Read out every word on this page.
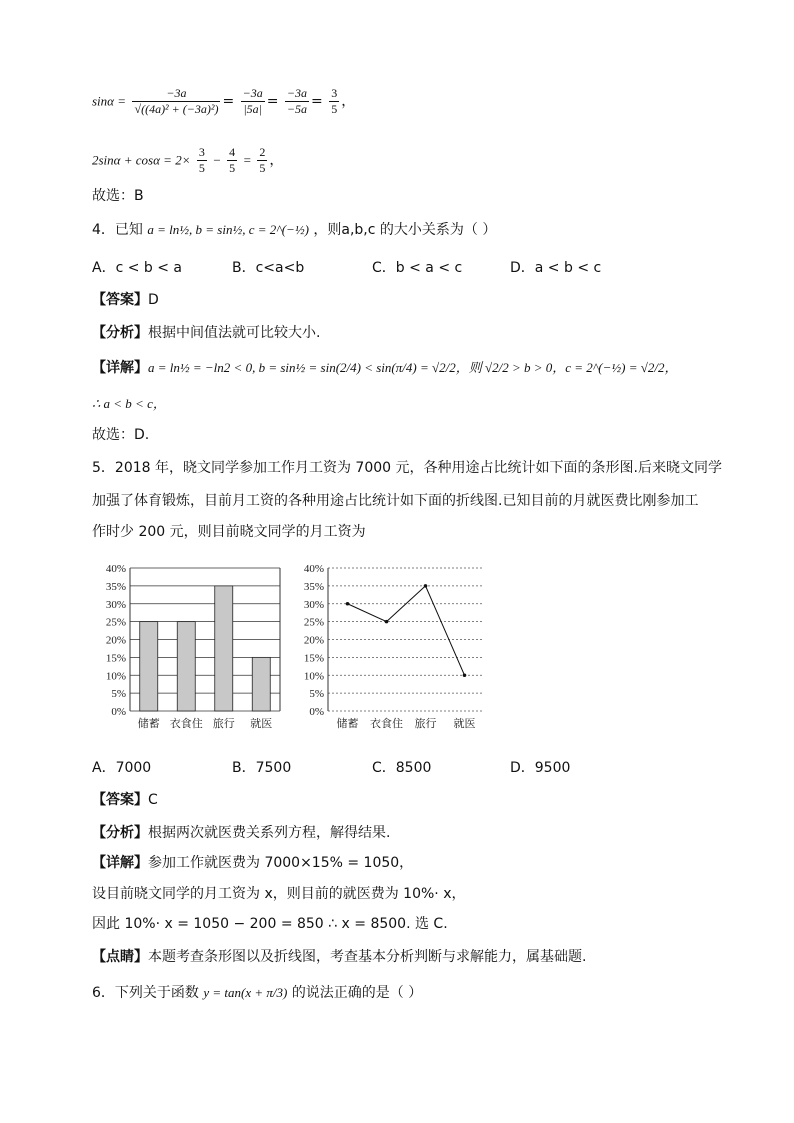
$\sin\alpha = \frac{-3a}{\text{√((4a)² + (−3a)²)}} = \frac{-3a}{|5a|} = \frac{-3a}{-5a} = \frac{3}{5}$ ，
$2\sin\alpha + \cos\alpha = 2\times \frac{3}{5} - \frac{4}{5} = \frac{2}{5}$ ，
故选：B
4．已知 a = ln½, b = sin½, c = 2^(−½) ，则a,b,c 的大小关系为（ ）
A．c < b < a	B．c<a<b	C．b < a < c	D．a < b < c
【答案】D
【分析】根据中间值法就可比较大小.
【详解】a = ln½ = −ln2 < 0, b = sin½ = sin(2/4) < sin(π/4) = √2/2，则 √2/2 > b > 0，c = 2^(−½) = √2/2，
∴ a < b < c，
故选：D.
5．2018 年，晓文同学参加工作月工资为 7000 元，各种用途占比统计如下面的条形图.后来晓文同学
加强了体育锻炼，目前月工资的各种用途占比统计如下面的折线图.已知目前的月就医费比刚参加工
作时少 200 元，则目前晓文同学的月工资为
0%
5%
10%
15%
20%
25%
30%
35%
40%
储蓄 衣食住 旅行 就医
0%
5%
10%
15%
20%
25%
30%
35%
40%
储蓄 衣食住 旅行 就医
A．7000	B．7500	C．8500	D．9500
【答案】C
【分析】根据两次就医费关系列方程，解得结果.
【详解】参加工作就医费为 7000×15% = 1050，
设目前晓文同学的月工资为 x，则目前的就医费为 10%· x，
因此 10%· x = 1050 − 200 = 850 ∴ x = 8500. 选 C.
【点睛】本题考查条形图以及折线图，考查基本分析判断与求解能力，属基础题.
6．下列关于函数 y = tan(x + π/3) 的说法正确的是（ ）
